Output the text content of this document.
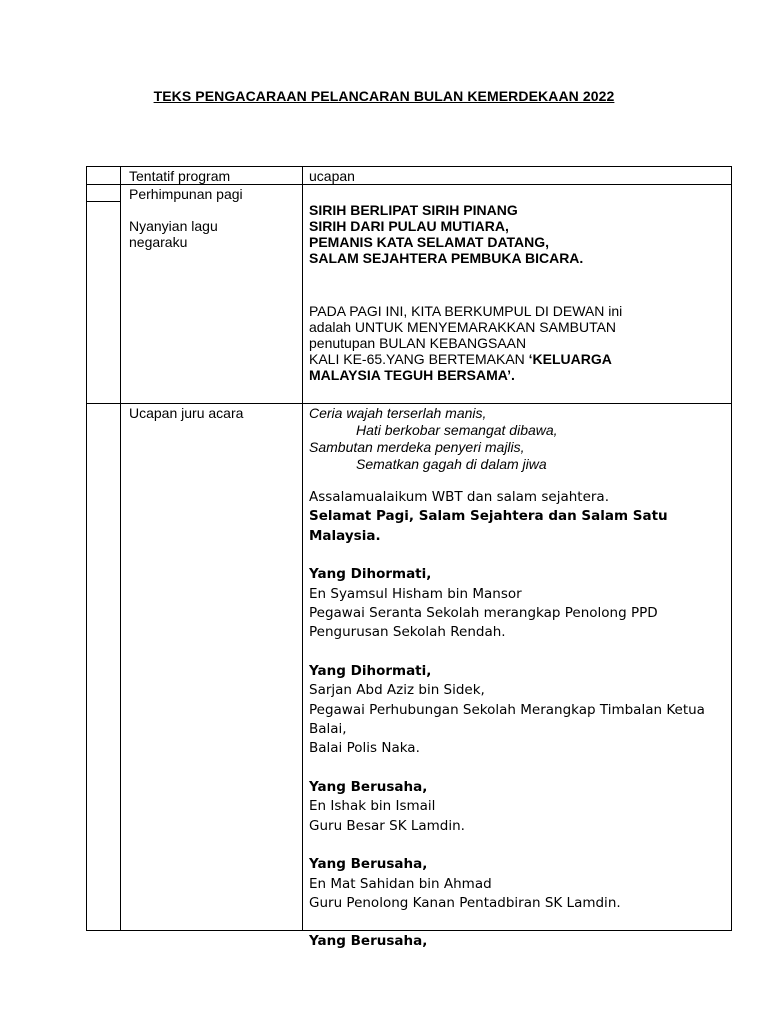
TEKS PENGACARAAN PELANCARAN BULAN KEMERDEKAAN 2022
Tentatif program	ucapan
Perhimpunan pagi
Nyanyian lagu negaraku
SIRIH BERLIPAT SIRIH PINANG
SIRIH DARI PULAU MUTIARA,
PEMANIS KATA SELAMAT DATANG,
SALAM SEJAHTERA PEMBUKA BICARA.
PADA PAGI INI, KITA BERKUMPUL DI DEWAN ini
adalah UNTUK MENYEMARAKKAN SAMBUTAN
penutupan BULAN KEBANGSAAN
KALI KE-65.YANG BERTEMAKAN ‘KELUARGA
MALAYSIA TEGUH BERSAMA’.
Ucapan juru acara	Ceria wajah terserlah manis,
Hati berkobar semangat dibawa,
Sambutan merdeka penyeri majlis,
Sematkan gagah di dalam jiwa
Assalamualaikum WBT dan salam sejahtera.
Selamat Pagi, Salam Sejahtera dan Salam Satu Malaysia.
Yang Dihormati,
En Syamsul Hisham bin Mansor
Pegawai Seranta Sekolah merangkap Penolong PPD
Pengurusan Sekolah Rendah.
Yang Dihormati,
Sarjan Abd Aziz bin Sidek,
Pegawai Perhubungan Sekolah Merangkap Timbalan Ketua
Balai,
Balai Polis Naka.
Yang Berusaha,
En Ishak bin Ismail
Guru Besar SK Lamdin.
Yang Berusaha,
En Mat Sahidan bin Ahmad
Guru Penolong Kanan Pentadbiran SK Lamdin.
Yang Berusaha,
